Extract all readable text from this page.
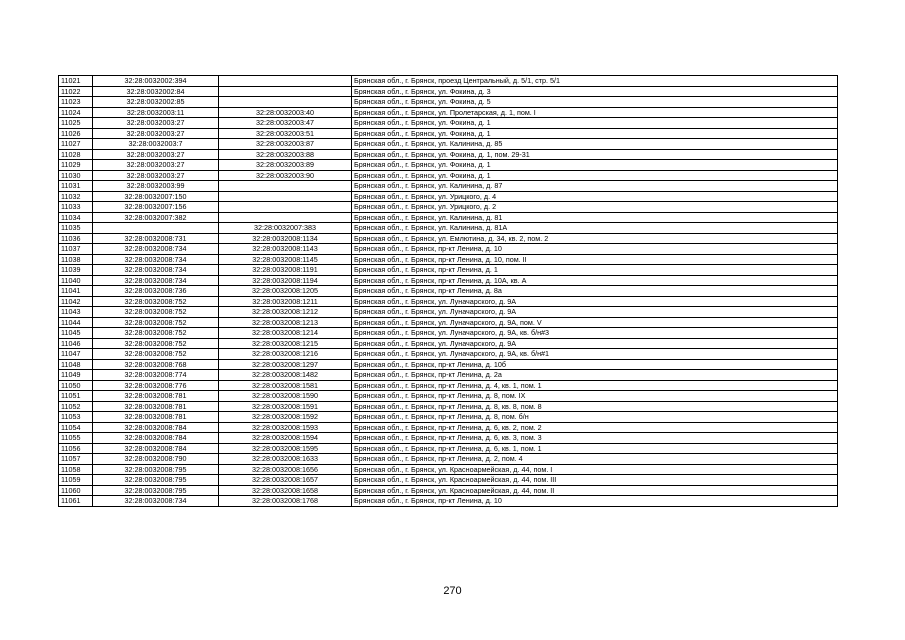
11021	32:28:0032002:394		Брянская обл., г. Брянск, проезд Центральный, д. 5/1, стр. 5/1
11022	32:28:0032002:84		Брянская обл., г. Брянск, ул. Фокина, д. 3
11023	32:28:0032002:85		Брянская обл., г. Брянск, ул. Фокина, д. 5
11024	32:28:0032003:11	32:28:0032003:40	Брянская обл., г. Брянск, ул. Пролетарская, д. 1, пом. I
11025	32:28:0032003:27	32:28:0032003:47	Брянская обл., г. Брянск, ул. Фокина, д. 1
11026	32:28:0032003:27	32:28:0032003:51	Брянская обл., г. Брянск, ул. Фокина, д. 1
11027	32:28:0032003:7	32:28:0032003:87	Брянская обл., г. Брянск, ул. Калинина, д. 85
11028	32:28:0032003:27	32:28:0032003:88	Брянская обл., г. Брянск, ул. Фокина, д. 1, пом. 29-31
11029	32:28:0032003:27	32:28:0032003:89	Брянская обл., г. Брянск, ул. Фокина, д. 1
11030	32:28:0032003:27	32:28:0032003:90	Брянская обл., г. Брянск, ул. Фокина, д. 1
11031	32:28:0032003:99		Брянская обл., г. Брянск, ул. Калинина, д. 87
11032	32:28:0032007:150		Брянская обл., г. Брянск, ул. Урицкого, д. 4
11033	32:28:0032007:156		Брянская обл., г. Брянск, ул. Урицкого, д. 2
11034	32:28:0032007:382		Брянская обл., г. Брянск, ул. Калинина, д. 81
11035		32:28:0032007:383	Брянская обл., г. Брянск, ул. Калинина, д. 81А
11036	32:28:0032008:731	32:28:0032008:1134	Брянская обл., г. Брянск, ул. Емлютина, д. 34, кв. 2, пом. 2
11037	32:28:0032008:734	32:28:0032008:1143	Брянская обл., г. Брянск, пр-кт Ленина, д. 10
11038	32:28:0032008:734	32:28:0032008:1145	Брянская обл., г. Брянск, пр-кт Ленина, д. 10, пом. II
11039	32:28:0032008:734	32:28:0032008:1191	Брянская обл., г. Брянск, пр-кт Ленина, д. 1
11040	32:28:0032008:734	32:28:0032008:1194	Брянская обл., г. Брянск, пр-кт Ленина, д. 10А, кв. А
11041	32:28:0032008:736	32:28:0032008:1205	Брянская обл., г. Брянск, пр-кт Ленина, д. 8а
11042	32:28:0032008:752	32:28:0032008:1211	Брянская обл., г. Брянск, ул. Луначарского, д. 9А
11043	32:28:0032008:752	32:28:0032008:1212	Брянская обл., г. Брянск, ул. Луначарского, д. 9А
11044	32:28:0032008:752	32:28:0032008:1213	Брянская обл., г. Брянск, ул. Луначарского, д. 9А, пом. V
11045	32:28:0032008:752	32:28:0032008:1214	Брянская обл., г. Брянск, ул. Луначарского, д. 9А, кв. б/н#3
11046	32:28:0032008:752	32:28:0032008:1215	Брянская обл., г. Брянск, ул. Луначарского, д. 9А
11047	32:28:0032008:752	32:28:0032008:1216	Брянская обл., г. Брянск, ул. Луначарского, д. 9А, кв. б/н#1
11048	32:28:0032008:768	32:28:0032008:1297	Брянская обл., г. Брянск, пр-кт Ленина, д. 10б
11049	32:28:0032008:774	32:28:0032008:1482	Брянская обл., г. Брянск, пр-кт Ленина, д. 2а
11050	32:28:0032008:776	32:28:0032008:1581	Брянская обл., г. Брянск, пр-кт Ленина, д. 4, кв. 1, пом. 1
11051	32:28:0032008:781	32:28:0032008:1590	Брянская обл., г. Брянск, пр-кт Ленина, д. 8, пом. IX
11052	32:28:0032008:781	32:28:0032008:1591	Брянская обл., г. Брянск, пр-кт Ленина, д. 8, кв. 8, пом. 8
11053	32:28:0032008:781	32:28:0032008:1592	Брянская обл., г. Брянск, пр-кт Ленина, д. 8, пом. б/н
11054	32:28:0032008:784	32:28:0032008:1593	Брянская обл., г. Брянск, пр-кт Ленина, д. 6, кв. 2, пом. 2
11055	32:28:0032008:784	32:28:0032008:1594	Брянская обл., г. Брянск, пр-кт Ленина, д. 6, кв. 3, пом. 3
11056	32:28:0032008:784	32:28:0032008:1595	Брянская обл., г. Брянск, пр-кт Ленина, д. 6, кв. 1, пом. 1
11057	32:28:0032008:790	32:28:0032008:1633	Брянская обл., г. Брянск, пр-кт Ленина, д. 2, пом. 4
11058	32:28:0032008:795	32:28:0032008:1656	Брянская обл., г. Брянск, ул. Красноармейская, д. 44, пом. I
11059	32:28:0032008:795	32:28:0032008:1657	Брянская обл., г. Брянск, ул. Красноармейская, д. 44, пом. III
11060	32:28:0032008:795	32:28:0032008:1658	Брянская обл., г. Брянск, ул. Красноармейская, д. 44, пом. II
11061	32:28:0032008:734	32:28:0032008:1768	Брянская обл., г. Брянск, пр-кт Ленина, д. 10
270
